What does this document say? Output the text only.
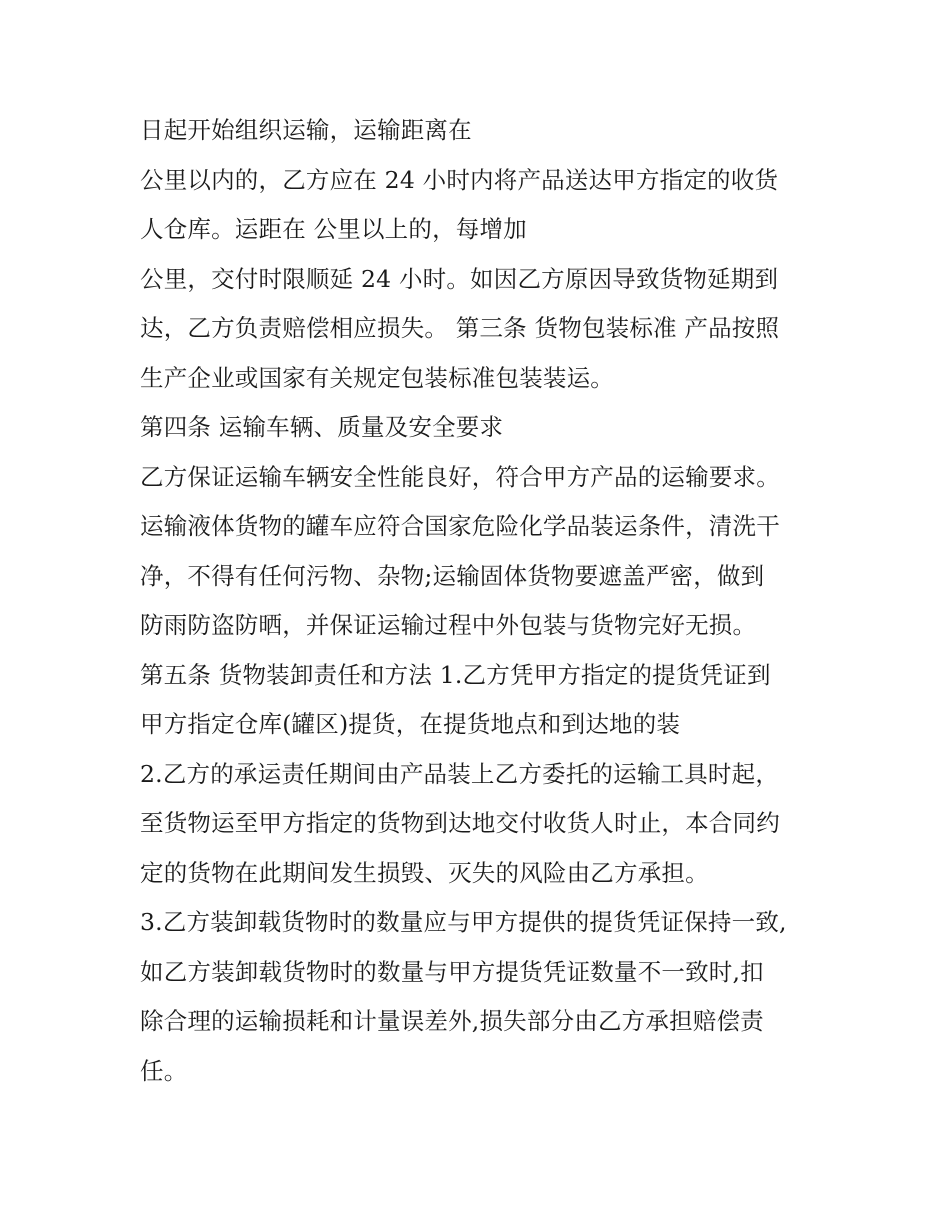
日起开始组织运输，运输距离在
公里以内的，乙方应在 24 小时内将产品送达甲方指定的收货
人仓库。运距在 公里以上的，每增加
公里，交付时限顺延 24 小时。如因乙方原因导致货物延期到
达，乙方负责赔偿相应损失。 第三条 货物包装标准 产品按照
生产企业或国家有关规定包装标准包装装运。
第四条 运输车辆、质量及安全要求
乙方保证运输车辆安全性能良好，符合甲方产品的运输要求。
运输液体货物的罐车应符合国家危险化学品装运条件，清洗干
净，不得有任何污物、杂物;运输固体货物要遮盖严密，做到
防雨防盗防晒，并保证运输过程中外包装与货物完好无损。
第五条 货物装卸责任和方法 1.乙方凭甲方指定的提货凭证到
甲方指定仓库(罐区)提货，在提货地点和到达地的装
2.乙方的承运责任期间由产品装上乙方委托的运输工具时起，
至货物运至甲方指定的货物到达地交付收货人时止，本合同约
定的货物在此期间发生损毁、灭失的风险由乙方承担。
3.乙方装卸载货物时的数量应与甲方提供的提货凭证保持一致,
如乙方装卸载货物时的数量与甲方提货凭证数量不一致时,扣
除合理的运输损耗和计量误差外,损失部分由乙方承担赔偿责
任。
